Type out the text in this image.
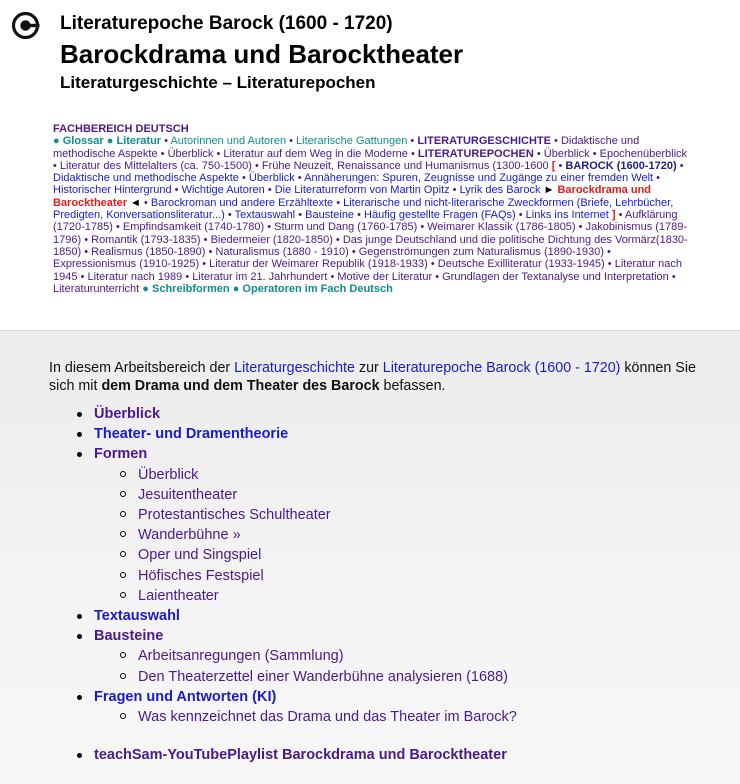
Literaturepoche Barock (1600 - 1720)
Barockdrama und Barocktheater
Literaturgeschichte – Literaturepochen
FACHBEREICH DEUTSCH
● Glossar ● Literatur • Autorinnen und Autoren • Literarische Gattungen • LITERATURGESCHICHTE • Didaktische und methodische Aspekte • Überblick • Literatur auf dem Weg in die Moderne • LITERATUREPOCHEN • Überblick • Epochenüberblick • Literatur des Mittelalters (ca. 750-1500) • Frühe Neuzeit, Renaissance und Humanismus (1300-1600 [ • BAROCK (1600-1720) • Didaktische und methodische Aspekte • Überblick • Annäherungen: Spuren, Zeugnisse und Zugänge zu einer fremden Welt • Historischer Hintergrund • Wichtige Autoren • Die Literaturreform von Martin Opitz • Lyrik des Barock ► Barockdrama und Barocktheater ◄ • Barockroman und andere Erzähltexte • Literarische und nicht-literarische Zweckformen (Briefe, Lehrbücher, Predigten, Konversationsliteratur...) • Textauswahl • Bausteine • Häufig gestellte Fragen (FAQs) • Links ins Internet ] • Aufklärung (1720-1785) • Empfindsamkeit (1740-1780) • Sturm und Dang (1760-1785) • Weimarer Klassik (1786-1805) • Jakobinismus (1789-1796) • Romantik (1793-1835) • Biedermeier (1820-1850) • Das junge Deutschland und die politische Dichtung des Vormärz(1830-1850) • Realismus (1850-1890) • Naturalismus (1880 - 1910) • Gegenströmungen zum Naturalismus (1890-1930) • Expressionismus (1910-1925) • Literatur der Weimarer Republik (1918-1933) • Deutsche Exilliteratur (1933-1945) • Literatur nach 1945 • Literatur nach 1989 • Literatur im 21. Jahrhundert • Motive der Literatur • Grundlagen der Textanalyse und Interpretation • Literaturunterricht ● Schreibformen ● Operatoren im Fach Deutsch
In diesem Arbeitsbereich der Literaturgeschichte zur Literaturepoche Barock (1600 - 1720) können Sie sich mit dem Drama und dem Theater des Barock befassen.
Überblick
Theater- und Dramentheorie
Formen
Überblick
Jesuitentheater
Protestantisches Schultheater
Wanderbühne »
Oper und Singspiel
Höfisches Festspiel
Laientheater
Textauswahl
Bausteine
Arbeitsanregungen (Sammlung)
Den Theaterzettel einer Wanderbühne analysieren (1688)
Fragen und Antworten (KI)
Was kennzeichnet das Drama und das Theater im Barock?
teachSam-YouTubePlaylist Barockdrama und Barocktheater
